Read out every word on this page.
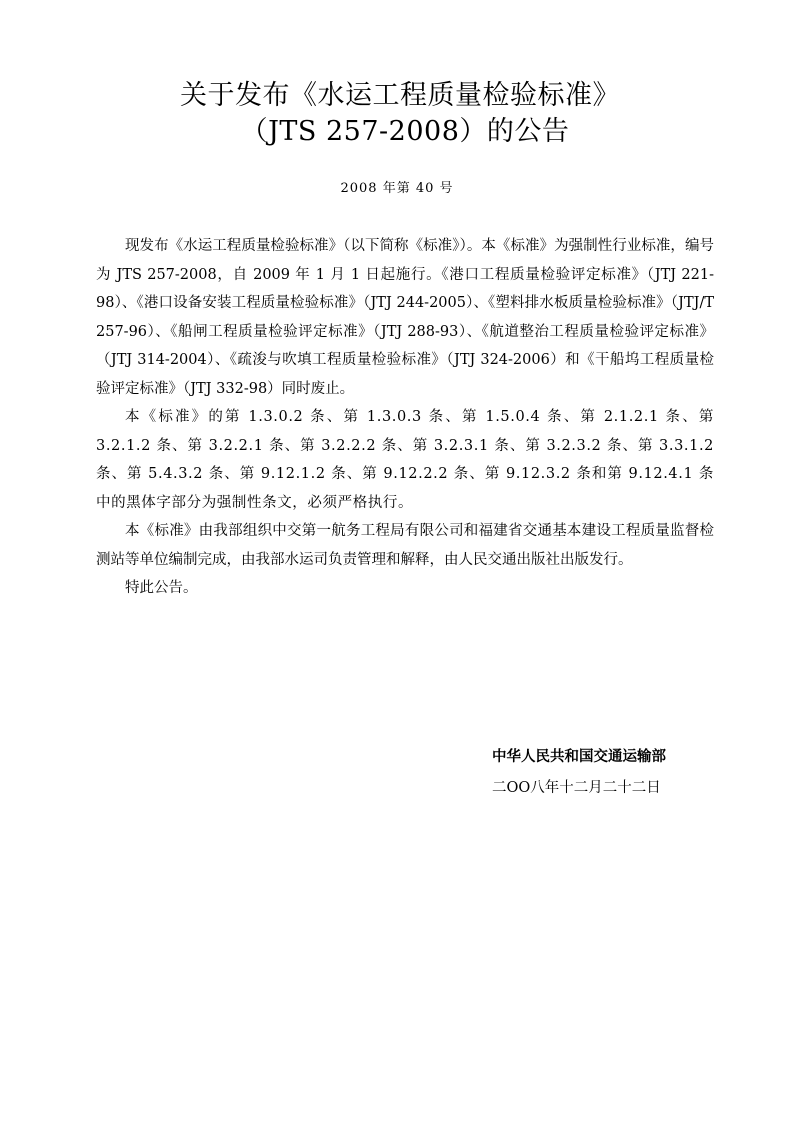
关于发布《水运工程质量检验标准》
（JTS 257-2008）的公告
2008 年第 40 号

现发布《水运工程质量检验标准》（以下简称《标准》）。本《标准》为强制性行业标准，编号为 JTS 257-2008，自 2009 年 1 月 1 日起施行。《港口工程质量检验评定标准》（JTJ 221-98）、《港口设备安装工程质量检验标准》（JTJ 244-2005）、《塑料排水板质量检验标准》（JTJ/T 257-96）、《船闸工程质量检验评定标准》（JTJ 288-93）、《航道整治工程质量检验评定标准》（JTJ 314-2004）、《疏浚与吹填工程质量检验标准》（JTJ 324-2006）和《干船坞工程质量检验评定标准》（JTJ 332-98）同时废止。

本《标准》的第 1.3.0.2 条、第 1.3.0.3 条、第 1.5.0.4 条、第 2.1.2.1 条、第 3.2.1.2 条、第 3.2.2.1 条、第 3.2.2.2 条、第 3.2.3.1 条、第 3.2.3.2 条、第 3.3.1.2 条、第 5.4.3.2 条、第 9.12.1.2 条、第 9.12.2.2 条、第 9.12.3.2 条和第 9.12.4.1 条中的黑体字部分为强制性条文，必须严格执行。

本《标准》由我部组织中交第一航务工程局有限公司和福建省交通基本建设工程质量监督检测站等单位编制完成，由我部水运司负责管理和解释，由人民交通出版社出版发行。

特此公告。

中华人民共和国交通运输部
二OO八年十二月二十二日
